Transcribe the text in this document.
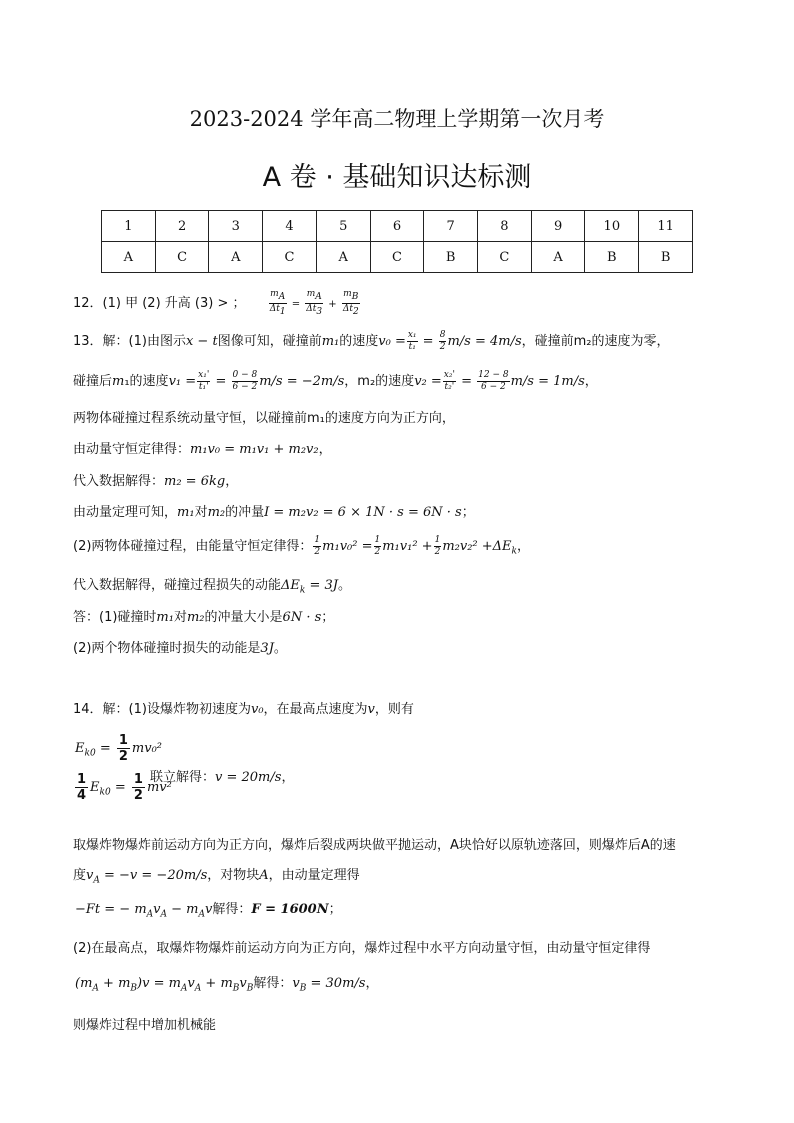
2023-2024 学年高二物理上学期第一次月考
A 卷 · 基础知识达标测
1	2	3	4	5	6	7	8	9	10	11
A	C	A	C	A	C	B	C	A	B	B
12．(1) 甲 (2) 升高 (3) > ；	$\frac{m_A}{\Delta t_1} = \frac{m_A}{\Delta t_3} + \frac{m_B}{\Delta t_2}$
13．解：(1)由图示x − t图像可知，碰撞前m₁的速度$v_0 = \frac{\text{x₁}}{\text{t₁}} = \frac{8}{2} m/s = 4m/s$，碰撞前m₂的速度为零，
碰撞后m₁的速度$v_1 = \frac{\text{x₁'}}{\text{t₁'}} = \frac{0 - 8}{6 - 2} m/s = -2m/s$，m₂的速度$v_2 = \frac{\text{x₂'}}{\text{t₂'}} = \frac{12 - 8}{6 - 2} m/s = 1m/s$，
两物体碰撞过程系统动量守恒，以碰撞前m₁的速度方向为正方向，
由动量守恒定律得：m₁v₀ = m₁v₁ + m₂v₂，
代入数据解得：m₂ = 6kg，
由动量定理可知，m₁对m₂的冲量I = m₂v₂ = 6 × 1N · s = 6N · s；
(2)两物体碰撞过程，由能量守恒定律得： $\frac{1}{2} m_1v_0^2 = \frac{1}{2} m_1v_1^2 + \frac{1}{2} m_2v_2^2 +\Delta E_k$，
代入数据解得，碰撞过程损失的动能$\Delta E_k = 3J$。
答：(1)碰撞时m₁对m₂的冲量大小是6N · s；
(2)两个物体碰撞时损失的动能是3J。
14．解：(1)设爆炸物初速度为v₀，在最高点速度为v，则有
$E_{k0} = \frac{1}{2} mv_0^2$
$\frac{1}{4} E_{k0} = \frac{1}{2} mv^2$
联立解得：v = 20m/s，
取爆炸物爆炸前运动方向为正方向，爆炸后裂成两块做平抛运动，A块恰好以原轨迹落回，则爆炸后A的速
度$v_A = -v = -20m/s$，对物块A，由动量定理得
−Ft = − $m_Av_A - m_Av$解得：F = 1600N；
(2)在最高点，取爆炸物爆炸前运动方向为正方向，爆炸过程中水平方向动量守恒，由动量守恒定律得
$(m_A + m_B)v = m_Av_A + m_Bv_B$解得：$v_B = 30m/s$，
则爆炸过程中增加机械能
